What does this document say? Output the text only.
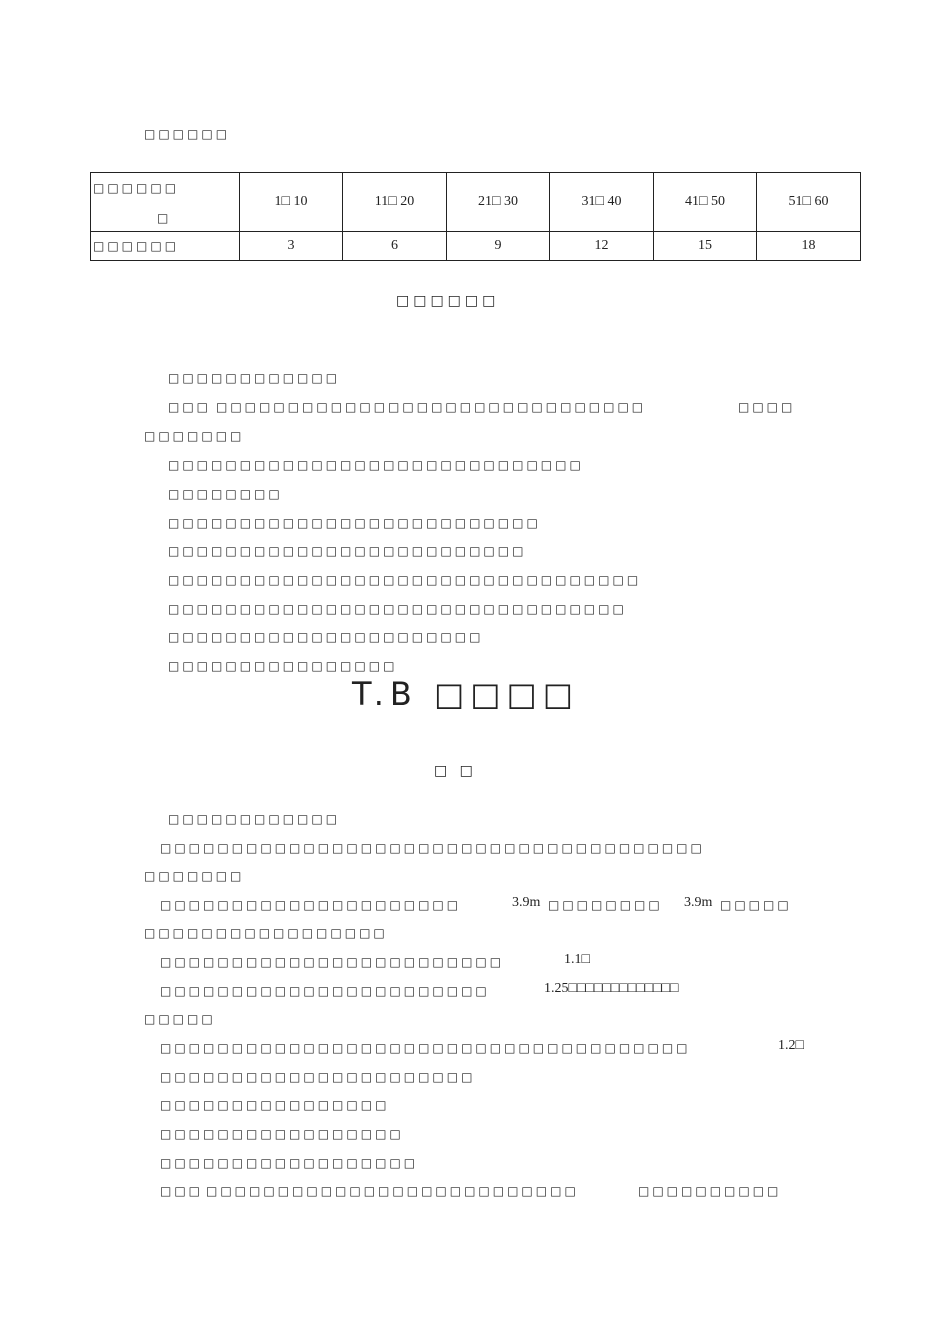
□□□□□□
□□□□□□
□	1□ 10	11□ 20	21□ 30	31□ 40	41□ 50	51□ 60
□□□□□□	3	6	9	12	15	18
□□□□□□
□□□□□□□□□□□□
□□□ □□□□□□□□□□□□□□□□□□□□□□□□□□□□□□	□□□□
□□□□□□□
□□□□□□□□□□□□□□□□□□□□□□□□□□□□□
□□□□□□□□
□□□□□□□□□□□□□□□□□□□□□□□□□□
□□□□□□□□□□□□□□□□□□□□□□□□□
□□□□□□□□□□□□□□□□□□□□□□□□□□□□□□□□□
□□□□□□□□□□□□□□□□□□□□□□□□□□□□□□□□
□□□□□□□□□□□□□□□□□□□□□□
□□□□□□□□□□□□□□□□
T.B □□□□
□ □
□□□□□□□□□□□□
□□□□□□□□□□□□□□□□□□□□□□□□□□□□□□□□□□□□□□
□□□□□□□
□□□□□□□□□□□□□□□□□□□□□	3.9m □□□□□□□□ 3.9m □□□□□
□□□□□□□□□□□□□□□□□
□□□□□□□□□□□□□□□□□□□□□□□□	1.1□
□□□□□□□□□□□□□□□□□□□□□□□	1.25□□□□□□□□□□□□□
□□□□□
□□□□□□□□□□□□□□□□□□□□□□□□□□□□□□□□□□□□□	1.2□
□□□□□□□□□□□□□□□□□□□□□□
□□□□□□□□□□□□□□□□
□□□□□□□□□□□□□□□□□
□□□□□□□□□□□□□□□□□□
□□□ □□□□□□□□□□□□□□□□□□□□□□□□□□	□□□□□□□□□□
